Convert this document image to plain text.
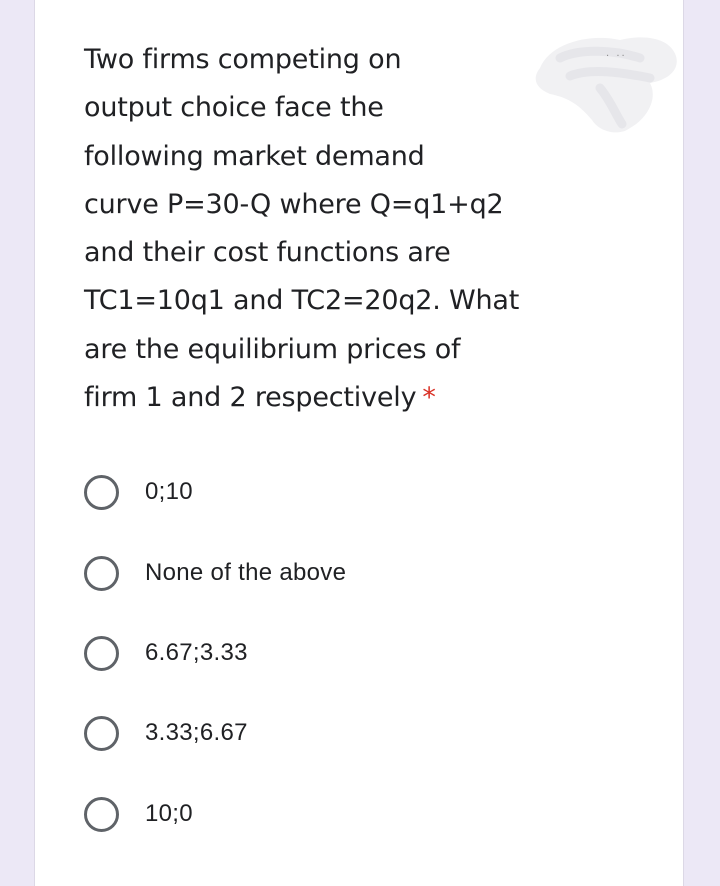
· ··

Two firms competing on
output choice face the
following market demand
curve P=30-Q where Q=q1+q2
and their cost functions are
TC1=10q1 and TC2=20q2. What
are the equilibrium prices of
firm 1 and 2 respectively *

0;10
None of the above
6.67;3.33
3.33;6.67
10;0
